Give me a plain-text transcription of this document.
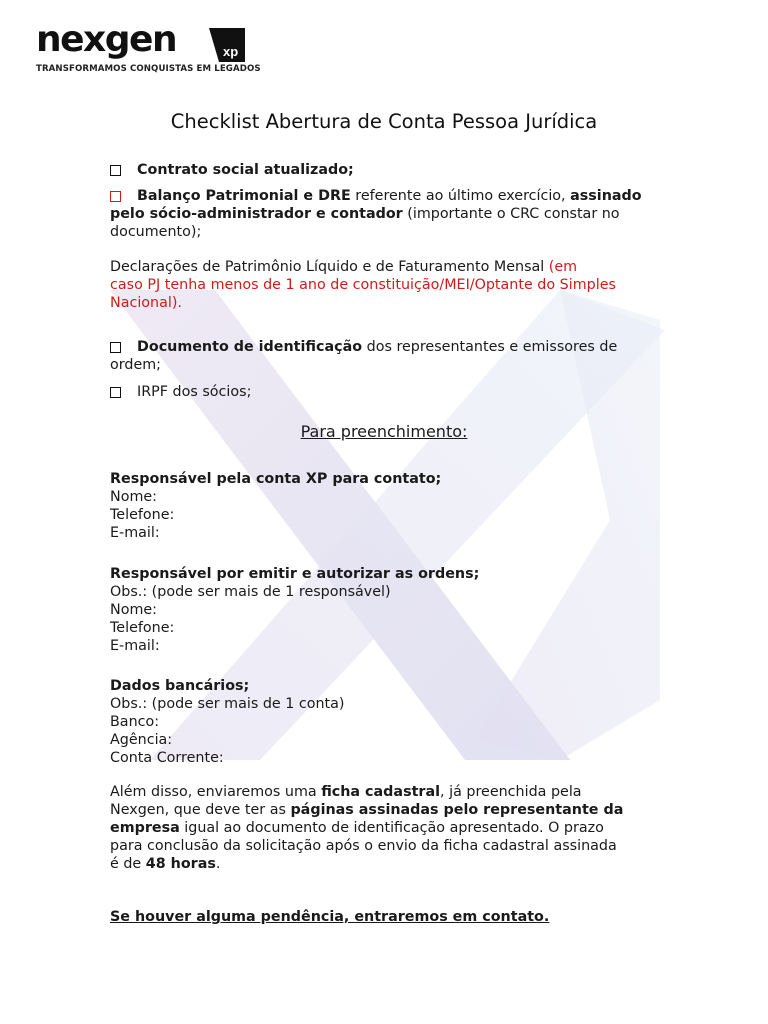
nexgen	xp
TRANSFORMAMOS CONQUISTAS EM LEGADOS
Checklist Abertura de Conta Pessoa Jurídica
Contrato social atualizado;
Balanço Patrimonial e DRE referente ao último exercício, assinado
pelo sócio-administrador e contador (importante o CRC constar no
documento);
Declarações de Patrimônio Líquido e de Faturamento Mensal (em
caso PJ tenha menos de 1 ano de constituição/MEI/Optante do Simples
Nacional).
Documento de identificação dos representantes e emissores de
ordem;
IRPF dos sócios;
Para preenchimento:
Responsável pela conta XP para contato;
Nome:
Telefone:
E-mail:
Responsável por emitir e autorizar as ordens;
Obs.: (pode ser mais de 1 responsável)
Nome:
Telefone:
E-mail:
Dados bancários;
Obs.: (pode ser mais de 1 conta)
Banco:
Agência:
Conta Corrente:
Além disso, enviaremos uma ficha cadastral, já preenchida pela
Nexgen, que deve ter as páginas assinadas pelo representante da
empresa igual ao documento de identificação apresentado. O prazo
para conclusão da solicitação após o envio da ficha cadastral assinada
é de 48 horas.
Se houver alguma pendência, entraremos em contato.
